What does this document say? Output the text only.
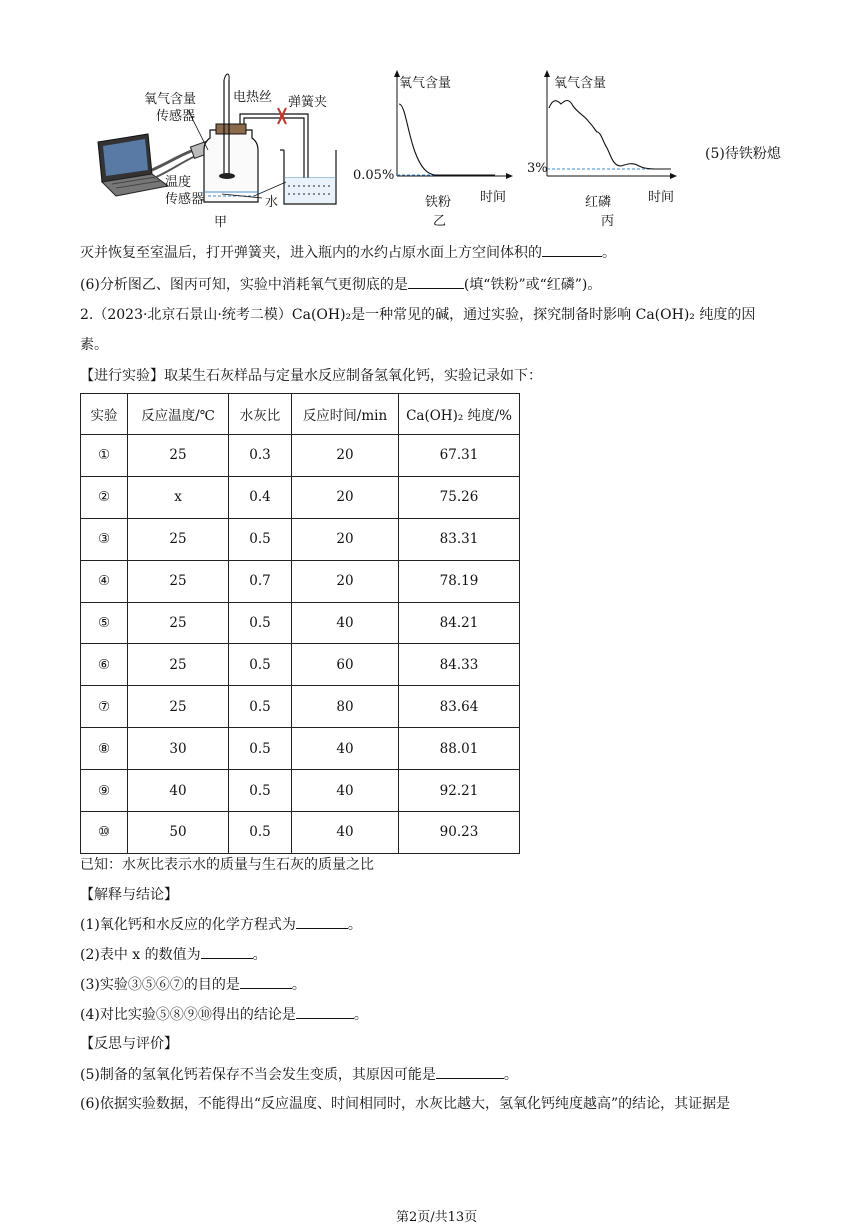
氧气含量
传感器
电热丝 弹簧夹
温度
传感器	水
甲
氧气含量
0.05%
铁粉 时间
乙
氧气含量
3%
红磷	时间
丙
(5)待铁粉熄
灭并恢复至室温后，打开弹簧夹，进入瓶内的水约占原水面上方空间体积的	。
(6)分析图乙、图丙可知，实验中消耗氧气更彻底的是	(填“铁粉”或“红磷”)。
2.（2023·北京石景山·统考二模）Ca(OH)₂是一种常见的碱，通过实验，探究制备时影响 Ca(OH)₂ 纯度的因
素。
【进行实验】取某生石灰样品与定量水反应制备氢氧化钙，实验记录如下：
实验	反应温度/℃	水灰比	反应时间/min	Ca(OH)₂ 纯度/%
①	25	0.3	20	67.31
②	x	0.4	20	75.26
③	25	0.5	20	83.31
④	25	0.7	20	78.19
⑤	25	0.5	40	84.21
⑥	25	0.5	60	84.33
⑦	25	0.5	80	83.64
⑧	30	0.5	40	88.01
⑨	40	0.5	40	92.21
⑩	50	0.5	40	90.23
已知：水灰比表示水的质量与生石灰的质量之比
【解释与结论】
(1)氧化钙和水反应的化学方程式为	。
(2)表中 x 的数值为	。
(3)实验③⑤⑥⑦的目的是	。
(4)对比实验⑤⑧⑨⑩得出的结论是	。
【反思与评价】
(5)制备的氢氧化钙若保存不当会发生变质，其原因可能是	。
(6)依据实验数据，不能得出“反应温度、时间相同时，水灰比越大，氢氧化钙纯度越高”的结论，其证据是
第2页/共13页
